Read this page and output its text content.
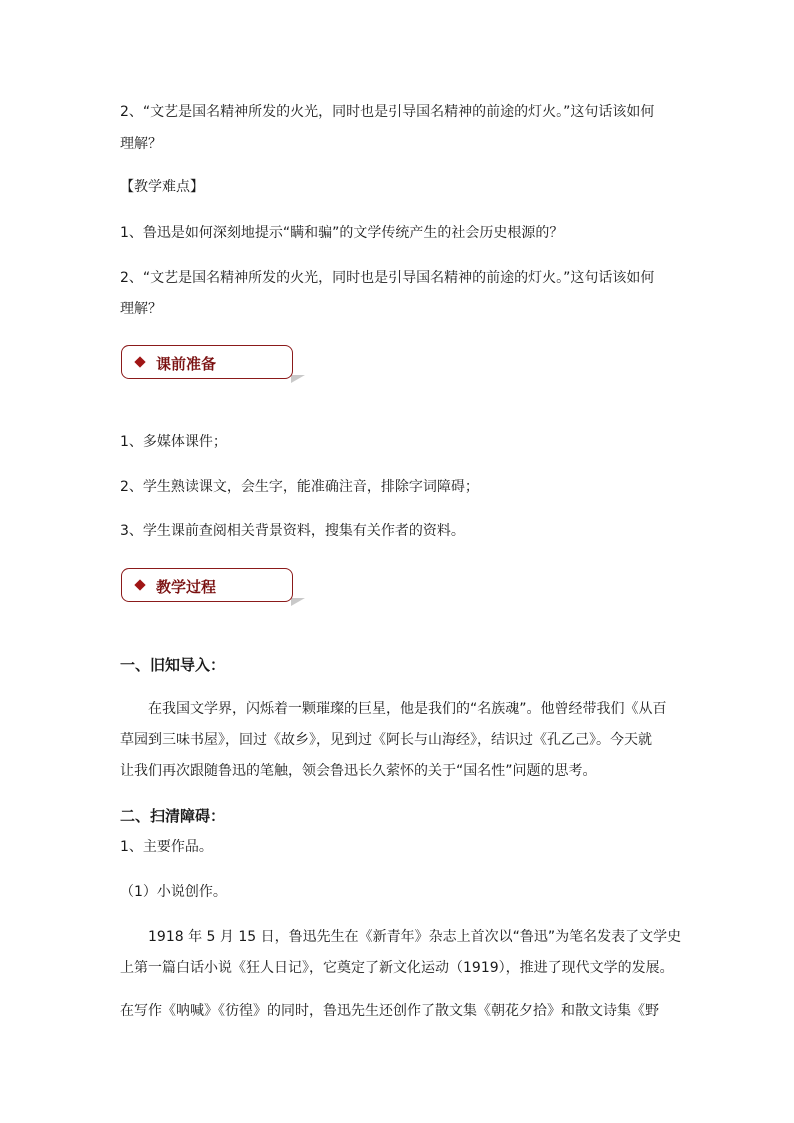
2、“文艺是国名精神所发的火光，同时也是引导国名精神的前途的灯火。”这句话该如何
理解？
【教学难点】
1、鲁迅是如何深刻地提示“瞒和骗”的文学传统产生的社会历史根源的？
2、“文艺是国名精神所发的火光，同时也是引导国名精神的前途的灯火。”这句话该如何
理解？
课前准备
1、多媒体课件；
2、学生熟读课文，会生字，能准确注音，排除字词障碍；
3、学生课前查阅相关背景资料，搜集有关作者的资料。
教学过程
一、旧知导入：
在我国文学界，闪烁着一颗璀璨的巨星，他是我们的“名族魂”。他曾经带我们《从百
草园到三味书屋》，回过《故乡》，见到过《阿长与山海经》，结识过《孔乙己》。今天就
让我们再次跟随鲁迅的笔触，领会鲁迅长久萦怀的关于“国名性”问题的思考。
二、扫清障碍：
1、主要作品。
（1）小说创作。
1918 年 5 月 15 日，鲁迅先生在《新青年》杂志上首次以“鲁迅”为笔名发表了文学史
上第一篇白话小说《狂人日记》，它奠定了新文化运动（1919），推进了现代文学的发展。
在写作《呐喊》《彷徨》的同时，鲁迅先生还创作了散文集《朝花夕拾》和散文诗集《野
